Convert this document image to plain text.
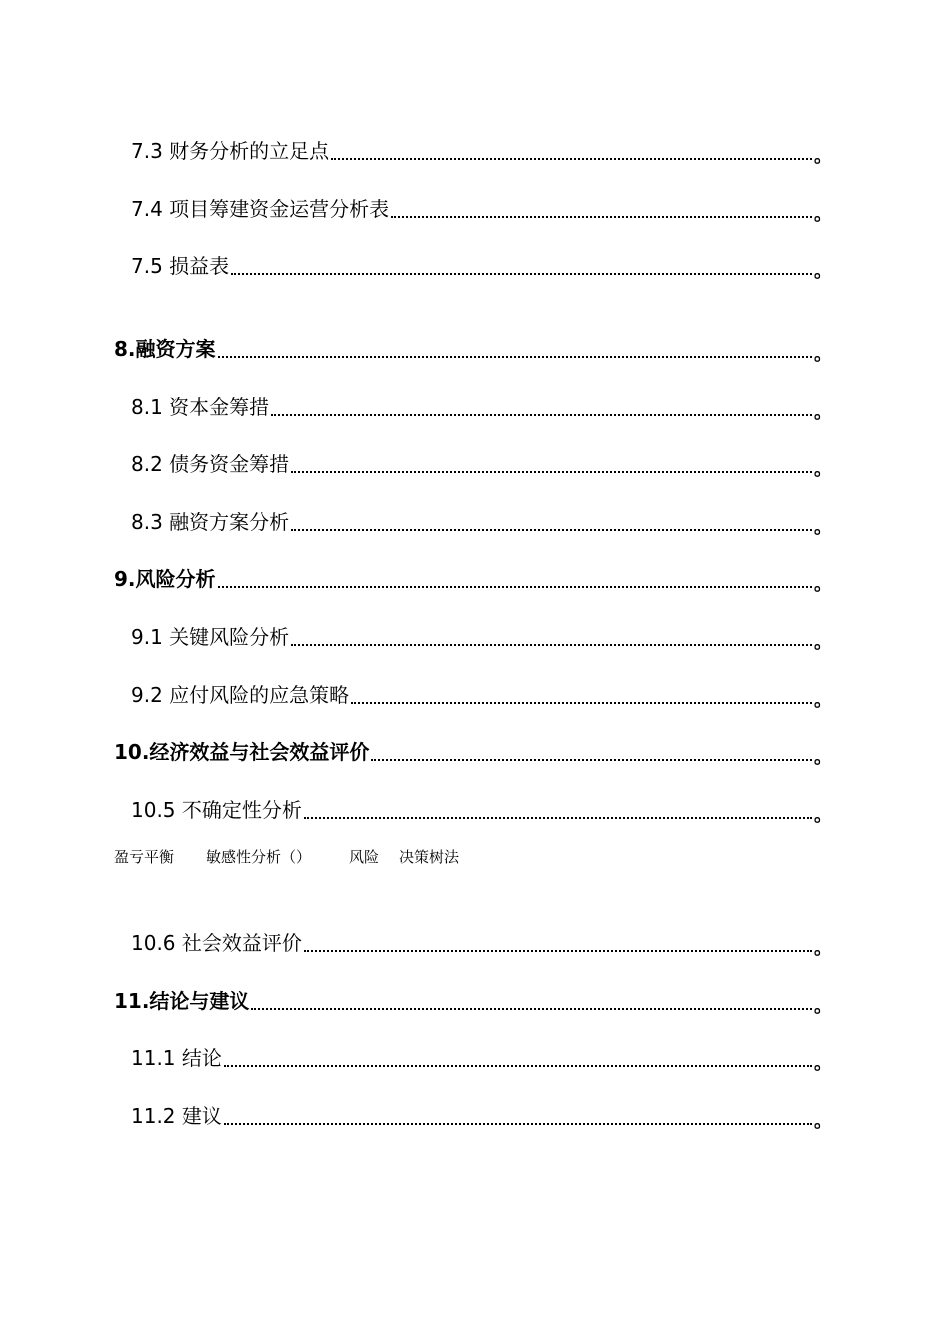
7.3 财务分析的立足点	。
7.4 项目筹建资金运营分析表	。
7.5 损益表	。
8.融资方案	。
8.1 资本金筹措	。
8.2 债务资金筹措	。
8.3 融资方案分析	。
9.风险分析	。
9.1 关键风险分析	。
9.2 应付风险的应急策略	。
10.经济效益与社会效益评价	。
10.5 不确定性分析	。
盈亏平衡 敏感性分析（）	风险 决策树法
10.6 社会效益评价	。
11.结论与建议	。
11.1 结论	。
11.2 建议	。
